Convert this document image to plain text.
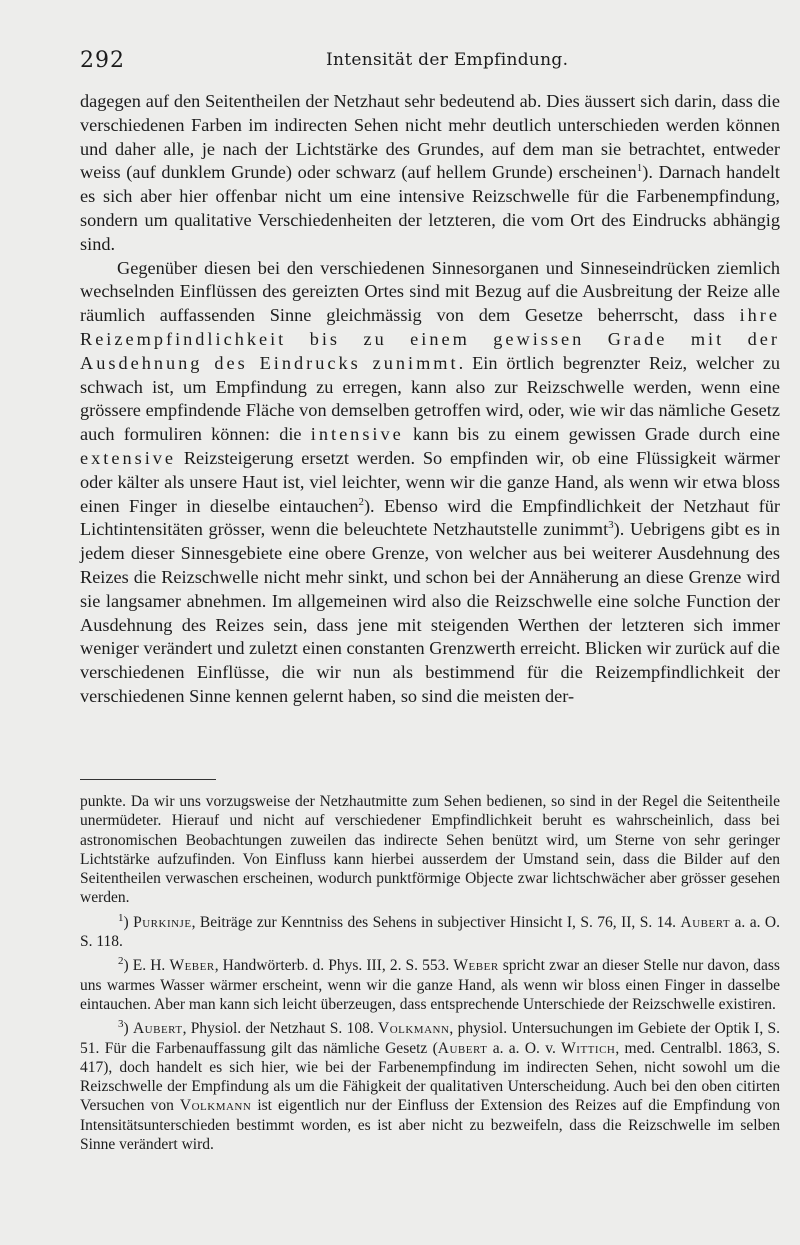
292	Intensität der Empfindung.

dagegen auf den Seitentheilen der Netzhaut sehr bedeutend ab. Dies äussert sich darin, dass die verschiedenen Farben im indirecten Sehen nicht mehr deutlich unterschieden werden können und daher alle, je nach der Lichtstärke des Grundes, auf dem man sie betrachtet, entweder weiss (auf dunklem Grunde) oder schwarz (auf hellem Grunde) erscheinen$^1$). Darnach handelt es sich aber hier offenbar nicht um eine intensive Reizschwelle für die Farbenempfindung, sondern um qualitative Verschiedenheiten der letzteren, die vom Ort des Eindrucks abhängig sind.

Gegenüber diesen bei den verschiedenen Sinnesorganen und Sinneseindrücken ziemlich wechselnden Einflüssen des gereizten Ortes sind mit Bezug auf die Ausbreitung der Reize alle räumlich auffassenden Sinne gleichmässig von dem Gesetze beherrscht, dass ihre Reizempfindlichkeit bis zu einem gewissen Grade mit der Ausdehnung des Eindrucks zunimmt. Ein örtlich begrenzter Reiz, welcher zu schwach ist, um Empfindung zu erregen, kann also zur Reizschwelle werden, wenn eine grössere empfindende Fläche von demselben getroffen wird, oder, wie wir das nämliche Gesetz auch formuliren können: die intensive kann bis zu einem gewissen Grade durch eine extensive Reizsteigerung ersetzt werden. So empfinden wir, ob eine Flüssigkeit wärmer oder kälter als unsere Haut ist, viel leichter, wenn wir die ganze Hand, als wenn wir etwa bloss einen Finger in dieselbe eintauchen$^2$). Ebenso wird die Empfindlichkeit der Netzhaut für Lichtintensitäten grösser, wenn die beleuchtete Netzhautstelle zunimmt$^3$). Uebrigens gibt es in jedem dieser Sinnesgebiete eine obere Grenze, von welcher aus bei weiterer Ausdehnung des Reizes die Reizschwelle nicht mehr sinkt, und schon bei der Annäherung an diese Grenze wird sie langsamer abnehmen. Im allgemeinen wird also die Reizschwelle eine solche Function der Ausdehnung des Reizes sein, dass jene mit steigenden Werthen der letzteren sich immer weniger verändert und zuletzt einen constanten Grenzwerth erreicht. Blicken wir zurück auf die verschiedenen Einflüsse, die wir nun als bestimmend für die Reizempfindlichkeit der verschiedenen Sinne kennen gelernt haben, so sind die meisten der-

punkte. Da wir uns vorzugsweise der Netzhautmitte zum Sehen bedienen, so sind in der Regel die Seitentheile unermüdeter. Hierauf und nicht auf verschiedener Empfindlichkeit beruht es wahrscheinlich, dass bei astronomischen Beobachtungen zuweilen das indirecte Sehen benützt wird, um Sterne von sehr geringer Lichtstärke aufzufinden. Von Einfluss kann hierbei ausserdem der Umstand sein, dass die Bilder auf den Seitentheilen verwaschen erscheinen, wodurch punktförmige Objecte zwar lichtschwächer aber grösser gesehen werden.

$^1$) Purkinje, Beiträge zur Kenntniss des Sehens in subjectiver Hinsicht I, S. 76, II, S. 14. Aubert a. a. O. S. 118.

$^2$) E. H. Weber, Handwörterb. d. Phys. III, 2. S. 553. Weber spricht zwar an dieser Stelle nur davon, dass uns warmes Wasser wärmer erscheint, wenn wir die ganze Hand, als wenn wir bloss einen Finger in dasselbe eintauchen. Aber man kann sich leicht überzeugen, dass entsprechende Unterschiede der Reizschwelle existiren.

$^3$) Aubert, Physiol. der Netzhaut S. 108. Volkmann, physiol. Untersuchungen im Gebiete der Optik I, S. 51. Für die Farbenauffassung gilt das nämliche Gesetz (Aubert a. a. O. v. Wittich, med. Centralbl. 1863, S. 417), doch handelt es sich hier, wie bei der Farbenempfindung im indirecten Sehen, nicht sowohl um die Reizschwelle der Empfindung als um die Fähigkeit der qualitativen Unterscheidung. Auch bei den oben citirten Versuchen von Volkmann ist eigentlich nur der Einfluss der Extension des Reizes auf die Empfindung von Intensitätsunterschieden bestimmt worden, es ist aber nicht zu bezweifeln, dass die Reizschwelle im selben Sinne verändert wird.
